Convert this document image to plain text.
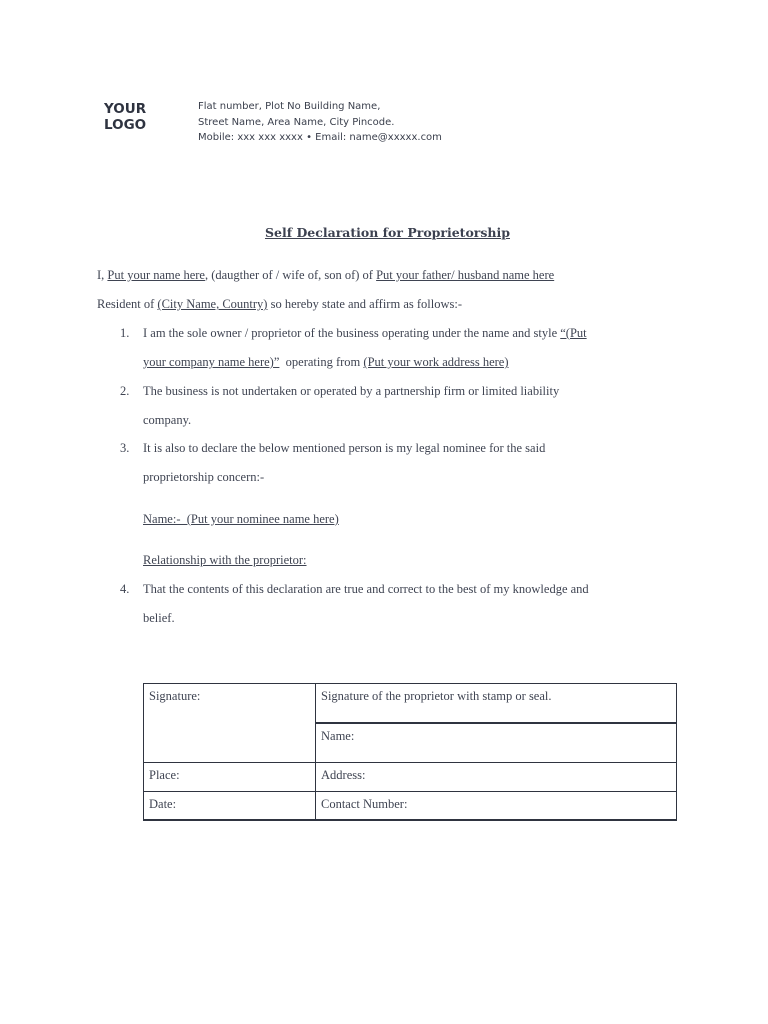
YOUR
LOGO
Flat number, Plot No Building Name,
Street Name, Area Name, City Pincode.
Mobile: xxx xxx xxxx • Email: name@xxxxx.com
Self Declaration for Proprietorship
I, Put your name here, (daugther of / wife of, son of) of Put your father/ husband name here
Resident of (City Name, Country) so hereby state and affirm as follows:-
1. I am the sole owner / proprietor of the business operating under the name and style “(Put
your company name here)”  operating from (Put your work address here)
2. The business is not undertaken or operated by a partnership firm or limited liability
company.
3. It is also to declare the below mentioned person is my legal nominee for the said
proprietorship concern:-
Name:-  (Put your nominee name here)
Relationship with the proprietor:
4. That the contents of this declaration are true and correct to the best of my knowledge and
belief.
Signature:	Signature of the proprietor with stamp or seal.
	Name:
Place:	Address:
Date:	Contact Number:
